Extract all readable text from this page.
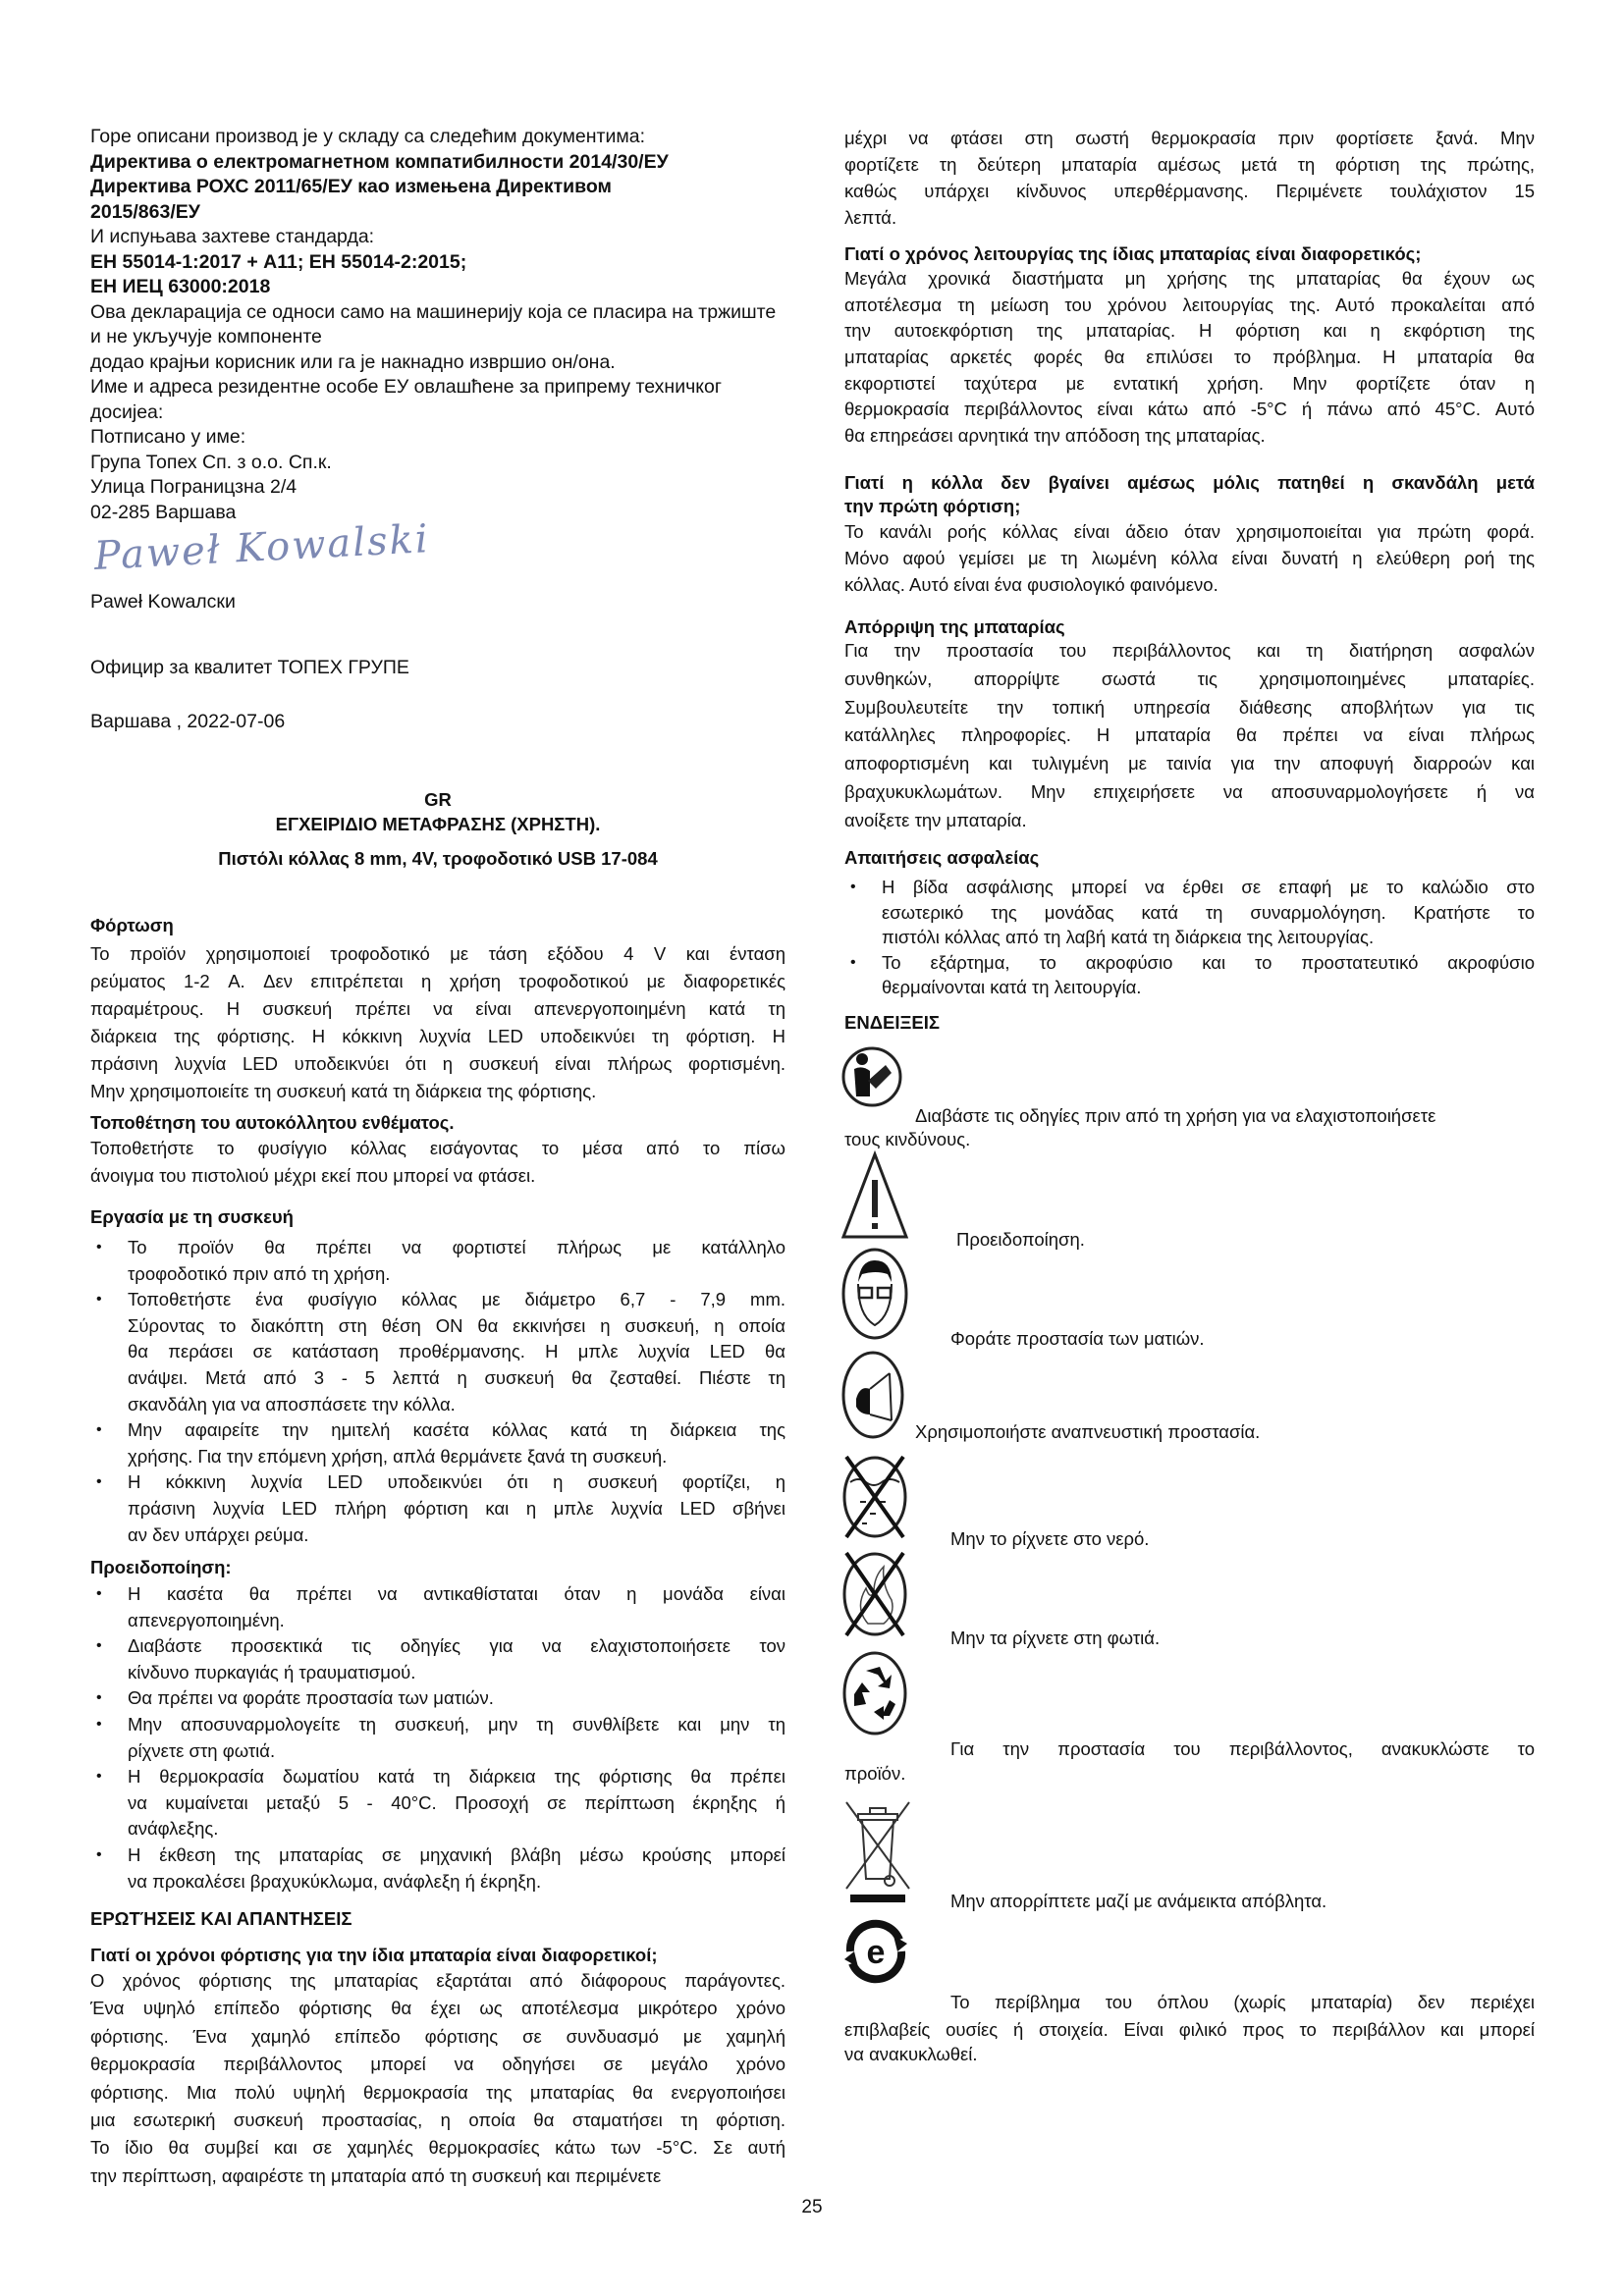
Горе описани производ је у складу са следећим документима:
Директива о електромагнетном компатибилности 2014/30/ЕУ
Директива РОХС 2011/65/ЕУ као измењена Директивом
2015/863/ЕУ
И испуњава захтеве стандарда:
ЕН 55014-1:2017 + А11; ЕН 55014-2:2015;
ЕН ИЕЦ 63000:2018
Ова декларација се односи само на машинерију која се пласира на тржиште
и не укључује компоненте
додао крајњи корисник или га је накнадно извршио он/она.
Име и адреса резидентне особе ЕУ овлашћене за припрему техничког
досијеа:
Потписано у име:
Група Топех Сп. з о.о. Сп.к.
Улица Пограницзна 2/4
02-285 Варшава
Paweł Kowalski
Paweł Kowaлски
Официр за квалитет ТОПЕХ ГРУПЕ
Варшава , 2022-07-06
GR
ΕΓΧΕΙΡΙΔΙΟ ΜΕΤΑΦΡΑΣΗΣ (ΧΡΗΣΤΗ).
Πιστόλι κόλλας 8 mm, 4V, τροφοδοτικό USB 17-084
Φόρτωση
Το προϊόν χρησιμοποιεί τροφοδοτικό με τάση εξόδου 4 V και ένταση
ρεύματος 1-2 A. Δεν επιτρέπεται η χρήση τροφοδοτικού με διαφορετικές
παραμέτρους. Η συσκευή πρέπει να είναι απενεργοποιημένη κατά τη
διάρκεια της φόρτισης. Η κόκκινη λυχνία LED υποδεικνύει τη φόρτιση. Η
πράσινη λυχνία LED υποδεικνύει ότι η συσκευή είναι πλήρως φορτισμένη.
Μην χρησιμοποιείτε τη συσκευή κατά τη διάρκεια της φόρτισης.
Τοποθέτηση του αυτοκόλλητου ενθέματος.
Τοποθετήστε το φυσίγγιο κόλλας εισάγοντας το μέσα από το πίσω
άνοιγμα του πιστολιού μέχρι εκεί που μπορεί να φτάσει.
Εργασία με τη συσκευή
•	Το προϊόν θα πρέπει να φορτιστεί πλήρως με κατάλληλο
τροφοδοτικό πριν από τη χρήση.
•	Τοποθετήστε ένα φυσίγγιο κόλλας με διάμετρο 6,7 - 7,9 mm.
Σύροντας το διακόπτη στη θέση ON θα εκκινήσει η συσκευή, η οποία
θα περάσει σε κατάσταση προθέρμανσης. Η μπλε λυχνία LED θα
ανάψει. Μετά από 3 - 5 λεπτά η συσκευή θα ζεσταθεί. Πιέστε τη
σκανδάλη για να αποσπάσετε την κόλλα.
•	Μην αφαιρείτε την ημιτελή κασέτα κόλλας κατά τη διάρκεια της
χρήσης. Για την επόμενη χρήση, απλά θερμάνετε ξανά τη συσκευή.
•	Η κόκκινη λυχνία LED υποδεικνύει ότι η συσκευή φορτίζει, η
πράσινη λυχνία LED πλήρη φόρτιση και η μπλε λυχνία LED σβήνει
αν δεν υπάρχει ρεύμα.
Προειδοποίηση:
•	Η κασέτα θα πρέπει να αντικαθίσταται όταν η μονάδα είναι
απενεργοποιημένη.
•	Διαβάστε προσεκτικά τις οδηγίες για να ελαχιστοποιήσετε τον
κίνδυνο πυρκαγιάς ή τραυματισμού.
•	Θα πρέπει να φοράτε προστασία των ματιών.
•	Μην αποσυναρμολογείτε τη συσκευή, μην τη συνθλίβετε και μην τη
ρίχνετε στη φωτιά.
•	Η θερμοκρασία δωματίου κατά τη διάρκεια της φόρτισης θα πρέπει
να κυμαίνεται μεταξύ 5 - 40°C. Προσοχή σε περίπτωση έκρηξης ή
ανάφλεξης.
•	Η έκθεση της μπαταρίας σε μηχανική βλάβη μέσω κρούσης μπορεί
να προκαλέσει βραχυκύκλωμα, ανάφλεξη ή έκρηξη.
ΕΡΩΤΉΣΕΙΣ ΚΑΙ ΑΠΑΝΤΗΣΕΙΣ
Γιατί οι χρόνοι φόρτισης για την ίδια μπαταρία είναι διαφορετικοί;
Ο χρόνος φόρτισης της μπαταρίας εξαρτάται από διάφορους παράγοντες.
Ένα υψηλό επίπεδο φόρτισης θα έχει ως αποτέλεσμα μικρότερο χρόνο
φόρτισης. Ένα χαμηλό επίπεδο φόρτισης σε συνδυασμό με χαμηλή
θερμοκρασία περιβάλλοντος μπορεί να οδηγήσει σε μεγάλο χρόνο
φόρτισης. Μια πολύ υψηλή θερμοκρασία της μπαταρίας θα ενεργοποιήσει
μια εσωτερική συσκευή προστασίας, η οποία θα σταματήσει τη φόρτιση.
Το ίδιο θα συμβεί και σε χαμηλές θερμοκρασίες κάτω των -5°C. Σε αυτή
την περίπτωση, αφαιρέστε τη μπαταρία από τη συσκευή και περιμένετε
μέχρι να φτάσει στη σωστή θερμοκρασία πριν φορτίσετε ξανά. Μην
φορτίζετε τη δεύτερη μπαταρία αμέσως μετά τη φόρτιση της πρώτης,
καθώς υπάρχει κίνδυνος υπερθέρμανσης. Περιμένετε τουλάχιστον 15
λεπτά.
Γιατί ο χρόνος λειτουργίας της ίδιας μπαταρίας είναι διαφορετικός;
Μεγάλα χρονικά διαστήματα μη χρήσης της μπαταρίας θα έχουν ως
αποτέλεσμα τη μείωση του χρόνου λειτουργίας της. Αυτό προκαλείται από
την αυτοεκφόρτιση της μπαταρίας. Η φόρτιση και η εκφόρτιση της
μπαταρίας αρκετές φορές θα επιλύσει το πρόβλημα. Η μπαταρία θα
εκφορτιστεί ταχύτερα με εντατική χρήση. Μην φορτίζετε όταν η
θερμοκρασία περιβάλλοντος είναι κάτω από -5°C ή πάνω από 45°C. Αυτό
θα επηρεάσει αρνητικά την απόδοση της μπαταρίας.
Γιατί η κόλλα δεν βγαίνει αμέσως μόλις πατηθεί η σκανδάλη μετά
την πρώτη φόρτιση;
Το κανάλι ροής κόλλας είναι άδειο όταν χρησιμοποιείται για πρώτη φορά.
Μόνο αφού γεμίσει με τη λιωμένη κόλλα είναι δυνατή η ελεύθερη ροή της
κόλλας. Αυτό είναι ένα φυσιολογικό φαινόμενο.
Απόρριψη της μπαταρίας
Για την προστασία του περιβάλλοντος και τη διατήρηση ασφαλών
συνθηκών, απορρίψτε σωστά τις χρησιμοποιημένες μπαταρίες.
Συμβουλευτείτε την τοπική υπηρεσία διάθεσης αποβλήτων για τις
κατάλληλες πληροφορίες. Η μπαταρία θα πρέπει να είναι πλήρως
αποφορτισμένη και τυλιγμένη με ταινία για την αποφυγή διαρροών και
βραχυκυκλωμάτων. Μην επιχειρήσετε να αποσυναρμολογήσετε ή να
ανοίξετε την μπαταρία.
Απαιτήσεις ασφαλείας
•	Η βίδα ασφάλισης μπορεί να έρθει σε επαφή με το καλώδιο στο
εσωτερικό της μονάδας κατά τη συναρμολόγηση. Κρατήστε το
πιστόλι κόλλας από τη λαβή κατά τη διάρκεια της λειτουργίας.
•	Το εξάρτημα, το ακροφύσιο και το προστατευτικό ακροφύσιο
θερμαίνονται κατά τη λειτουργία.
ΕΝΔΕΙΞΕΙΣ
Διαβάστε τις οδηγίες πριν από τη χρήση για να ελαχιστοποιήσετε
τους κινδύνους.
Προειδοποίηση.
Φοράτε προστασία των ματιών.
Χρησιμοποιήστε αναπνευστική προστασία.
Μην το ρίχνετε στο νερό.
Μην τα ρίχνετε στη φωτιά.
Για την προστασία του περιβάλλοντος, ανακυκλώστε το
προϊόν.
Μην απορρίπτετε μαζί με ανάμεικτα απόβλητα.
e
Το περίβλημα του όπλου (χωρίς μπαταρία) δεν περιέχει
επιβλαβείς ουσίες ή στοιχεία. Είναι φιλικό προς το περιβάλλον και μπορεί
να ανακυκλωθεί.
25
